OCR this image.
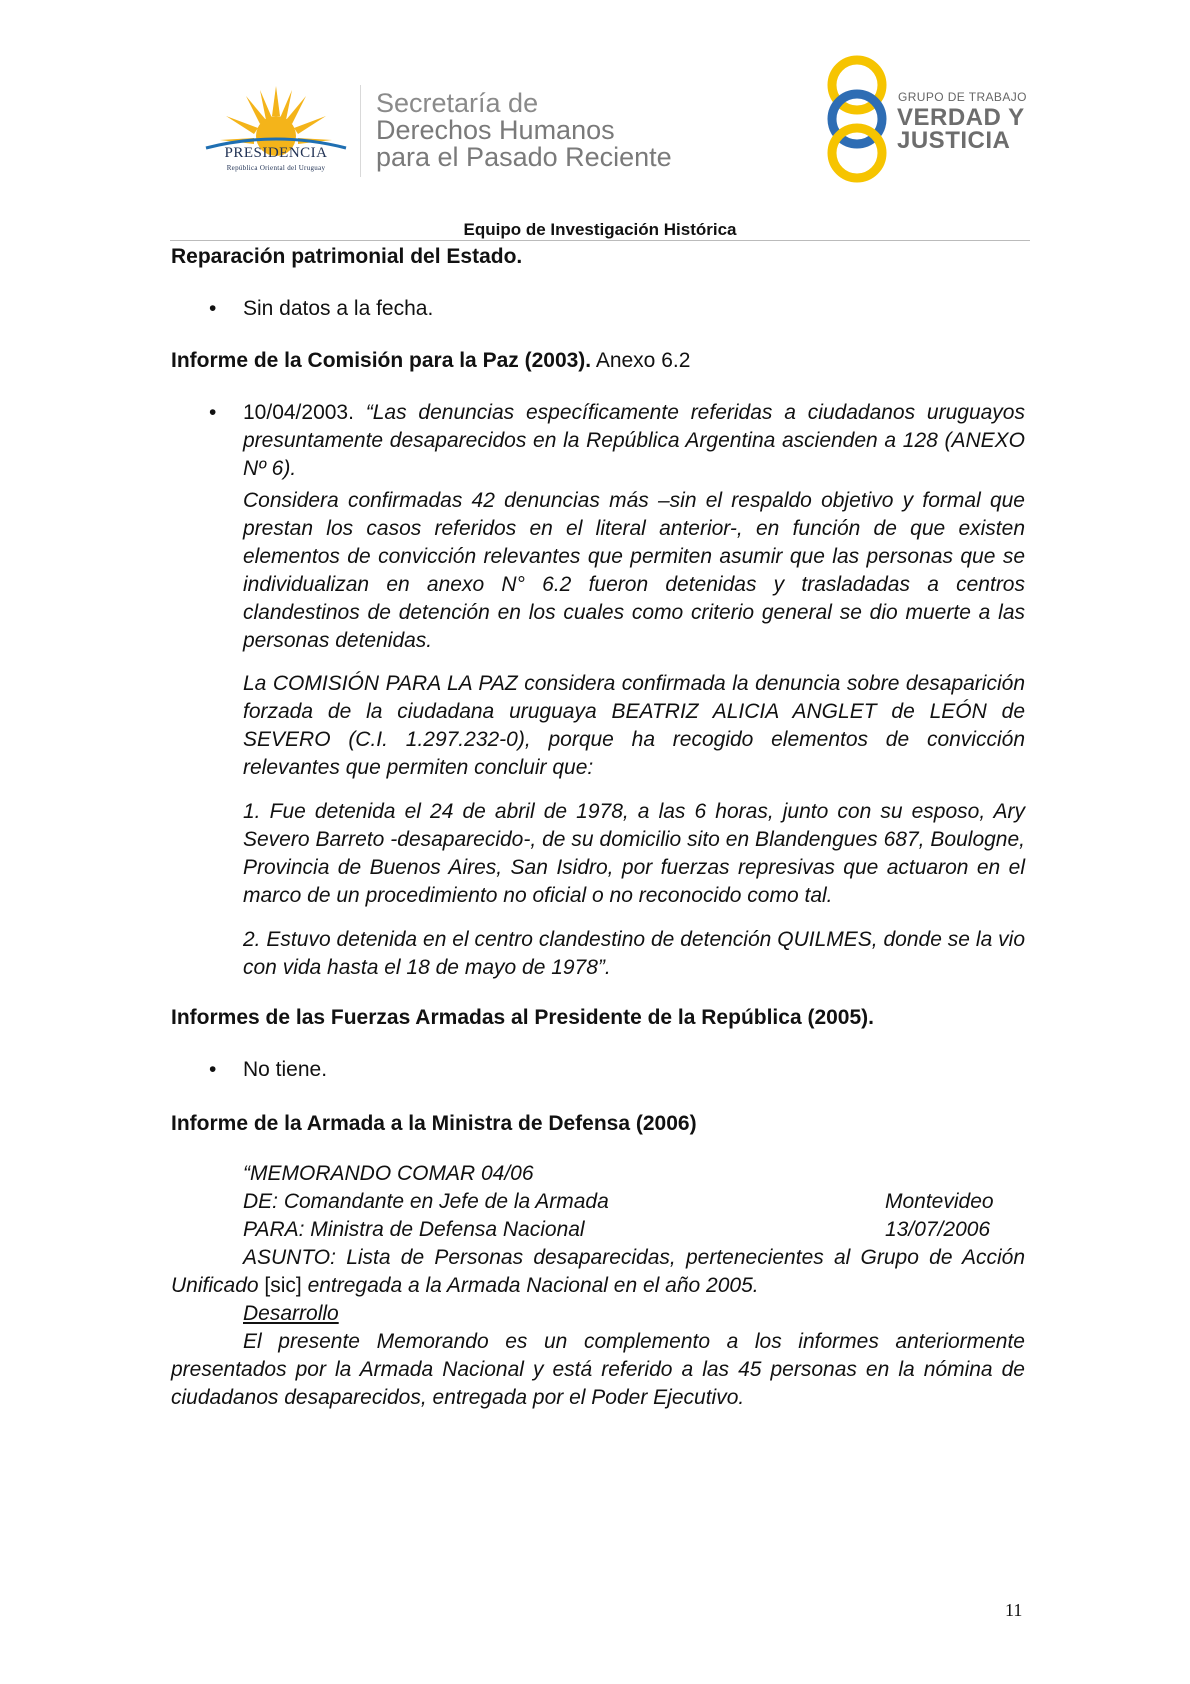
PRESIDENCIA
República Oriental del Uruguay
Secretaría de
Derechos Humanos
para el Pasado Reciente
GRUPO DE TRABAJO
VERDAD Y
JUSTICIA
Equipo de Investigación Histórica

Reparación patrimonial del Estado.

• Sin datos a la fecha.

Informe de la Comisión para la Paz (2003). Anexo 6.2

• 10/04/2003. “Las denuncias específicamente referidas a ciudadanos uruguayos presuntamente desaparecidos en la República Argentina ascienden a 128 (ANEXO Nº 6).

Considera confirmadas 42 denuncias más –sin el respaldo objetivo y formal que prestan los casos referidos en el literal anterior-, en función de que existen elementos de convicción relevantes que permiten asumir que las personas que se individualizan en anexo N° 6.2 fueron detenidas y trasladadas a centros clandestinos de detención en los cuales como criterio general se dio muerte a las personas detenidas.

La COMISIÓN PARA LA PAZ considera confirmada la denuncia sobre desaparición forzada de la ciudadana uruguaya BEATRIZ ALICIA ANGLET de LEÓN de SEVERO (C.I. 1.297.232-0), porque ha recogido elementos de convicción relevantes que permiten concluir que:

1. Fue detenida el 24 de abril de 1978, a las 6 horas, junto con su esposo, Ary Severo Barreto -desaparecido-, de su domicilio sito en Blandengues 687, Boulogne, Provincia de Buenos Aires, San Isidro, por fuerzas represivas que actuaron en el marco de un procedimiento no oficial o no reconocido como tal.

2. Estuvo detenida en el centro clandestino de detención QUILMES, donde se la vio con vida hasta el 18 de mayo de 1978”.

Informes de las Fuerzas Armadas al Presidente de la República (2005).

• No tiene.

Informe de la Armada a la Ministra de Defensa (2006)

“MEMORANDO COMAR 04/06
DE: Comandante en Jefe de la Armada	Montevideo
PARA: Ministra de Defensa Nacional	13/07/2006

ASUNTO: Lista de Personas desaparecidas, pertenecientes al Grupo de Acción Unificado [sic] entregada a la Armada Nacional en el año 2005.

Desarrollo

El presente Memorando es un complemento a los informes anteriormente presentados por la Armada Nacional y está referido a las 45 personas en la nómina de ciudadanos desaparecidos, entregada por el Poder Ejecutivo.

11
